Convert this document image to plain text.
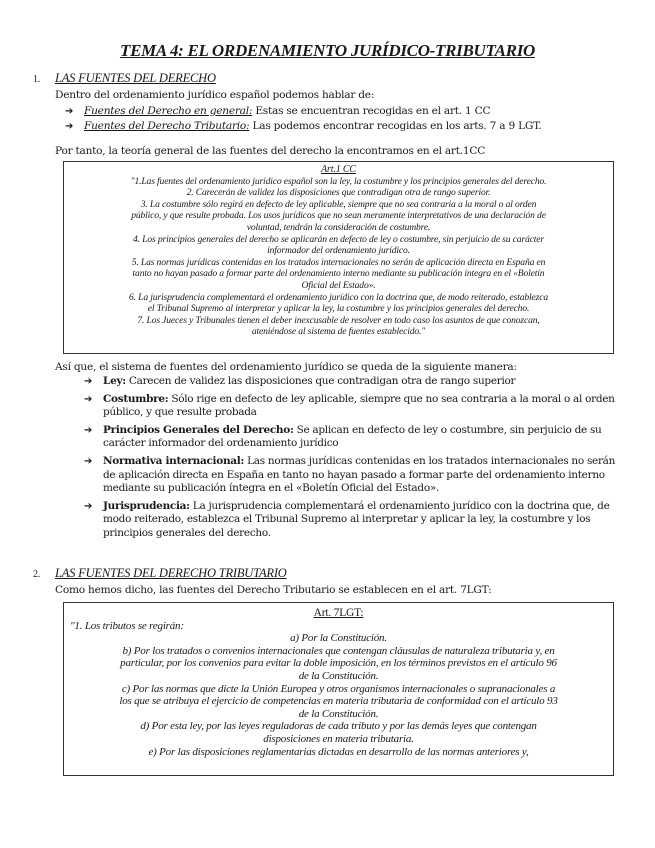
TEMA 4: EL ORDENAMIENTO JURÍDICO-TRIBUTARIO
1. LAS FUENTES DEL DERECHO
Dentro del ordenamiento jurídico español podemos hablar de:
➔ Fuentes del Derecho en general: Estas se encuentran recogidas en el art. 1 CC
➔ Fuentes del Derecho Tributario: Las podemos encontrar recogidas en los arts. 7 a 9 LGT.
Por tanto, la teoría general de las fuentes del derecho la encontramos en el art.1CC

Art.1 CC

"1.Las fuentes del ordenamiento jurídico español son la ley, la costumbre y los principios generales del derecho.

2. Carecerán de validez las disposiciones que contradigan otra de rango superior.

3. La costumbre sólo regirá en defecto de ley aplicable, siempre que no sea contraria a la moral o al orden

público, y que resulte probada. Los usos jurídicos que no sean meramente interpretativos de una declaración de

voluntad, tendrán la consideración de costumbre.

4. Los principios generales del derecho se aplicarán en defecto de ley o costumbre, sin perjuicio de su carácter

informador del ordenamiento jurídico.

5. Las normas jurídicas contenidas en los tratados internacionales no serán de aplicación directa en España en

tanto no hayan pasado a formar parte del ordenamiento interno mediante su publicación íntegra en el «Boletín

Oficial del Estado».

6. La jurisprudencia complementará el ordenamiento jurídico con la doctrina que, de modo reiterado, establezca

el Tribunal Supremo al interpretar y aplicar la ley, la costumbre y los principios generales del derecho.

7. Los Jueces y Tribunales tienen el deber inexcusable de resolver en todo caso los asuntos de que conozcan,

ateniéndose al sistema de fuentes establecido."

Así que, el sistema de fuentes del ordenamiento jurídico se queda de la siguiente manera:
➔	Ley: Carecen de validez las disposiciones que contradigan otra de rango superior
➔	Costumbre: Sólo rige en defecto de ley aplicable, siempre que no sea contraria a la moral o al orden público, y que resulte probada
➔	Principios Generales del Derecho: Se aplican en defecto de ley o costumbre, sin perjuicio de su carácter informador del ordenamiento jurídico
➔	Normativa internacional: Las normas jurídicas contenidas en los tratados internacionales no serán de aplicación directa en España en tanto no hayan pasado a formar parte del ordenamiento interno mediante su publicación íntegra en el «Boletín Oficial del Estado».
➔	Jurisprudencia: La jurisprudencia complementará el ordenamiento jurídico con la doctrina que, de modo reiterado, establezca el Tribunal Supremo al interpretar y aplicar la ley, la costumbre y los principios generales del derecho.
2. LAS FUENTES DEL DERECHO TRIBUTARIO
Como hemos dicho, las fuentes del Derecho Tributario se establecen en el art. 7LGT:

Art. 7LGT:

"1. Los tributos se regirán:

a) Por la Constitución.

b) Por los tratados o convenios internacionales que contengan cláusulas de naturaleza tributaria y, en

particular, por los convenios para evitar la doble imposición, en los términos previstos en el artículo 96

de la Constitución.

c) Por las normas que dicte la Unión Europea y otros organismos internacionales o supranacionales a

los que se atribuya el ejercicio de competencias en materia tributaria de conformidad con el artículo 93

de la Constitución.

d) Por esta ley, por las leyes reguladoras de cada tributo y por las demás leyes que contengan

disposiciones en materia tributaria.

e) Por las disposiciones reglamentarias dictadas en desarrollo de las normas anteriores y,
